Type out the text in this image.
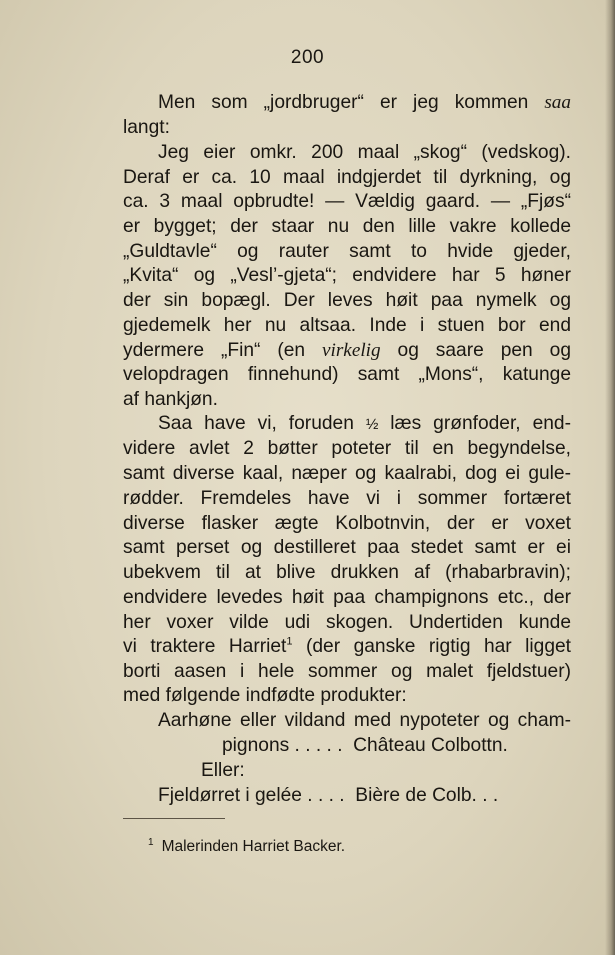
200
Men som „jordbruger“ er jeg kommen saa
langt:
Jeg eier omkr. 200 maal „skog“ (vedskog).
Deraf er ca. 10 maal indgjerdet til dyrkning, og
ca. 3 maal opbrudte! — Vældig gaard. — „Fjøs“
er bygget; der staar nu den lille vakre kollede
„Guldtavle“ og rauter samt to hvide gjeder,
„Kvita“ og „Vesl’-gjeta“; endvidere har 5 høner
der sin bopægl. Der leves høit paa nymelk og
gjedemelk her nu altsaa. Inde i stuen bor end
ydermere „Fin“ (en virkelig og saare pen og
velopdragen finnehund) samt „Mons“, katunge
af hankjøn.
Saa have vi, foruden ½ læs grønfoder, end-
videre avlet 2 bøtter poteter til en begyndelse,
samt diverse kaal, næper og kaalrabi, dog ei gule-
rødder. Fremdeles have vi i sommer fortæret
diverse flasker ægte Kolbotnvin, der er voxet
samt perset og destilleret paa stedet samt er ei
ubekvem til at blive drukken af (rhabarbravin);
endvidere levedes høit paa champignons etc., der
her voxer vilde udi skogen. Undertiden kunde
vi traktere Harriet$^1$ (der ganske rigtig har ligget
borti aasen i hele sommer og malet fjeldstuer)
med følgende indfødte produkter:
Aarhøne eller vildand med nypoteter og cham-
pignons . . . . .  Château Colbottn.
Eller:
Fjeldørret i gelée . . . .  Bière de Colb. . .
$^1$ Malerinden Harriet Backer.
